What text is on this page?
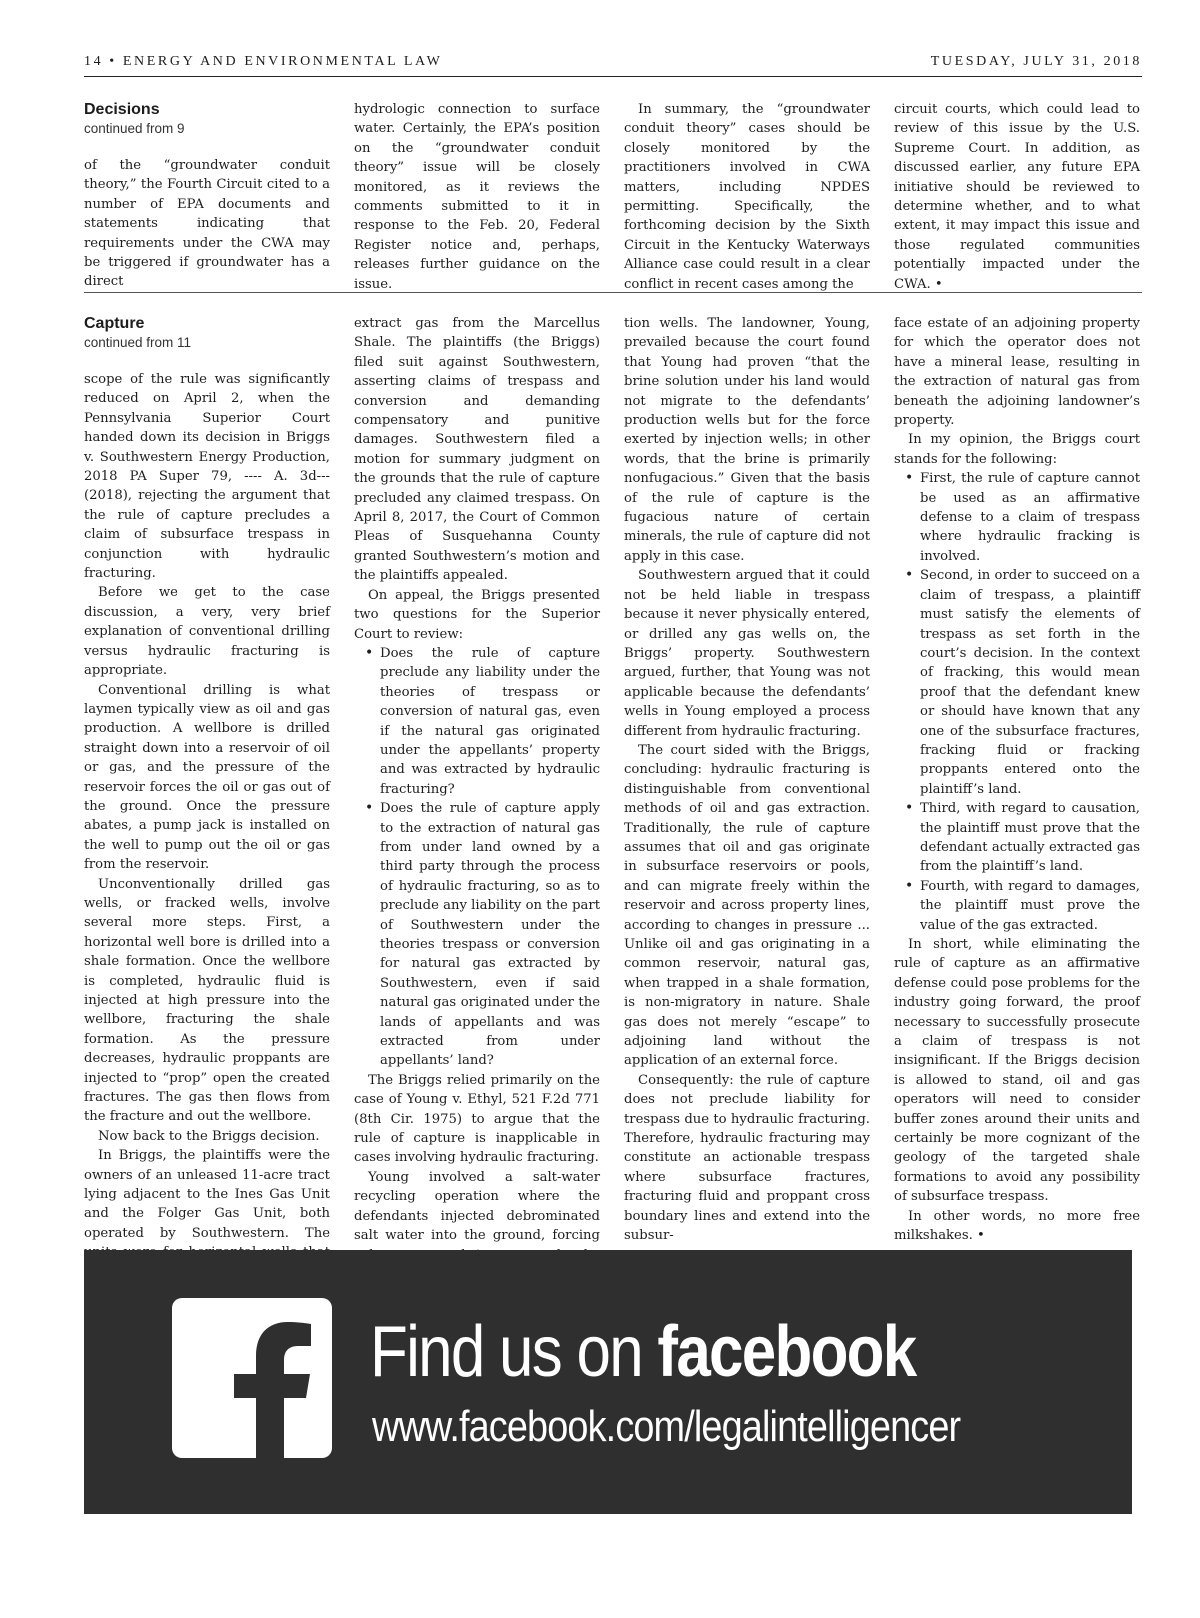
14 • ENERGY AND ENVIRONMENTAL LAW	TUESDAY, JULY 31, 2018

Decisions

continued from 9

of the “groundwater conduit theory,” the Fourth Circuit cited to a number of EPA documents and statements indicating that requirements under the CWA may be triggered if groundwater has a direct

hydrologic connection to surface water. Certainly, the EPA’s position on the “groundwater conduit theory” issue will be closely monitored, as it reviews the comments submitted to it in response to the Feb. 20, Federal Register notice and, perhaps, releases further guidance on the issue.

In summary, the “groundwater conduit theory” cases should be closely monitored by the practitioners involved in CWA matters, including NPDES permitting. Specifically, the forthcoming decision by the Sixth Circuit in the Kentucky Waterways Alliance case could result in a clear conflict in recent cases among the

circuit courts, which could lead to review of this issue by the U.S. Supreme Court. In addition, as discussed earlier, any future EPA initiative should be reviewed to determine whether, and to what extent, it may impact this issue and those regulated communities potentially impacted under the CWA. •

Capture

continued from 11

scope of the rule was significantly reduced on April 2, when the Pennsylvania Superior Court handed down its decision in Briggs v. Southwestern Energy Production, 2018 PA Super 79, ---- A. 3d--- (2018), rejecting the argument that the rule of capture precludes a claim of subsurface trespass in conjunction with hydraulic fracturing.

Before we get to the case discussion, a very, very brief explanation of conventional drilling versus hydraulic fracturing is appropriate.

Conventional drilling is what laymen typically view as oil and gas production. A wellbore is drilled straight down into a reservoir of oil or gas, and the pressure of the reservoir forces the oil or gas out of the ground. Once the pressure abates, a pump jack is installed on the well to pump out the oil or gas from the reservoir.

Unconventionally drilled gas wells, or fracked wells, involve several more steps. First, a horizontal well bore is drilled into a shale formation. Once the wellbore is completed, hydraulic fluid is injected at high pressure into the wellbore, fracturing the shale formation. As the pressure decreases, hydraulic proppants are injected to “prop” open the created fractures. The gas then flows from the fracture and out the wellbore.

Now back to the Briggs decision.

In Briggs, the plaintiffs were the owners of an unleased 11-acre tract lying adjacent to the Ines Gas Unit and the Folger Gas Unit, both operated by Southwestern. The

extract gas from the Marcellus Shale. The plaintiffs (the Briggs) filed suit against Southwestern, asserting claims of trespass and conversion and demanding compensatory and punitive damages. Southwestern filed a motion for summary judgment on the grounds that the rule of capture precluded any claimed trespass. On April 8, 2017, the Court of Common Pleas of Susquehanna County granted Southwestern’s motion and the plaintiffs appealed.

On appeal, the Briggs presented two questions for the Superior Court to review:

• Does the rule of capture preclude any liability under the theories of trespass or conversion of natural gas, even if the natural gas originated under the appellants’ property and was extracted by hydraulic fracturing?
• Does the rule of capture apply to the extraction of natural gas from under land owned by a third party through the process of hydraulic fracturing, so as to preclude any liability on the part of Southwestern under the theories trespass or conversion for natural gas extracted by Southwestern, even if said natural gas originated under the lands of appellants and was extracted from under appellants’ land?

The Briggs relied primarily on the case of Young v. Ethyl, 521 F.2d 771 (8th Cir. 1975) to argue that the rule of capture is inapplicable in cases involving hydraulic fracturing.

Young involved a salt-water recycling operation where the defendants injected debrominated salt water into the ground, forcing

tion wells. The landowner, Young, prevailed because the court found that Young had proven “that the brine solution under his land would not migrate to the defendants’ production wells but for the force exerted by injection wells; in other words, that the brine is primarily nonfugacious.” Given that the basis of the rule of capture is the fugacious nature of certain minerals, the rule of capture did not apply in this case.

Southwestern argued that it could not be held liable in trespass because it never physically entered, or drilled any gas wells on, the Briggs’ property. Southwestern argued, further, that Young was not applicable because the defendants’ wells in Young employed a process different from hydraulic fracturing.

The court sided with the Briggs, concluding: hydraulic fracturing is distinguishable from conventional methods of oil and gas extraction. Traditionally, the rule of capture assumes that oil and gas originate in subsurface reservoirs or pools, and can migrate freely within the reservoir and across property lines, according to changes in pressure ... Unlike oil and gas originating in a common reservoir, natural gas, when trapped in a shale formation, is non-migratory in nature. Shale gas does not merely “escape” to adjoining land without the application of an external force.

Consequently: the rule of capture does not preclude liability for trespass due to hydraulic fracturing. Therefore, hydraulic fracturing may constitute an actionable trespass where subsurface fractures, fracturing fluid and proppant cross boundary lines and extend into the subsur-

face estate of an adjoining property for which the operator does not have a mineral lease, resulting in the extraction of natural gas from beneath the adjoining landowner’s property.

In my opinion, the Briggs court stands for the following:

• First, the rule of capture cannot be used as an affirmative defense to a claim of trespass where hydraulic fracking is involved.
• Second, in order to succeed on a claim of trespass, a plaintiff must satisfy the elements of trespass as set forth in the court’s decision. In the context of fracking, this would mean proof that the defendant knew or should have known that any one of the subsurface fractures, fracking fluid or fracking proppants entered onto the plaintiff’s land.
• Third, with regard to causation, the plaintiff must prove that the defendant actually extracted gas from the plaintiff’s land.
• Fourth, with regard to damages, the plaintiff must prove the value of the gas extracted.

In short, while eliminating the rule of capture as an affirmative defense could pose problems for the industry going forward, the proof necessary to successfully prosecute a claim of trespass is not insignificant. If the Briggs decision is allowed to stand, oil and gas operators will need to consider buffer zones around their units and certainly be more cognizant of the geology of the targeted shale formations to avoid any possibility of subsurface trespass.

In other words, no more free milkshakes. •

Find us on facebook
www.facebook.com/legalintelligencer
